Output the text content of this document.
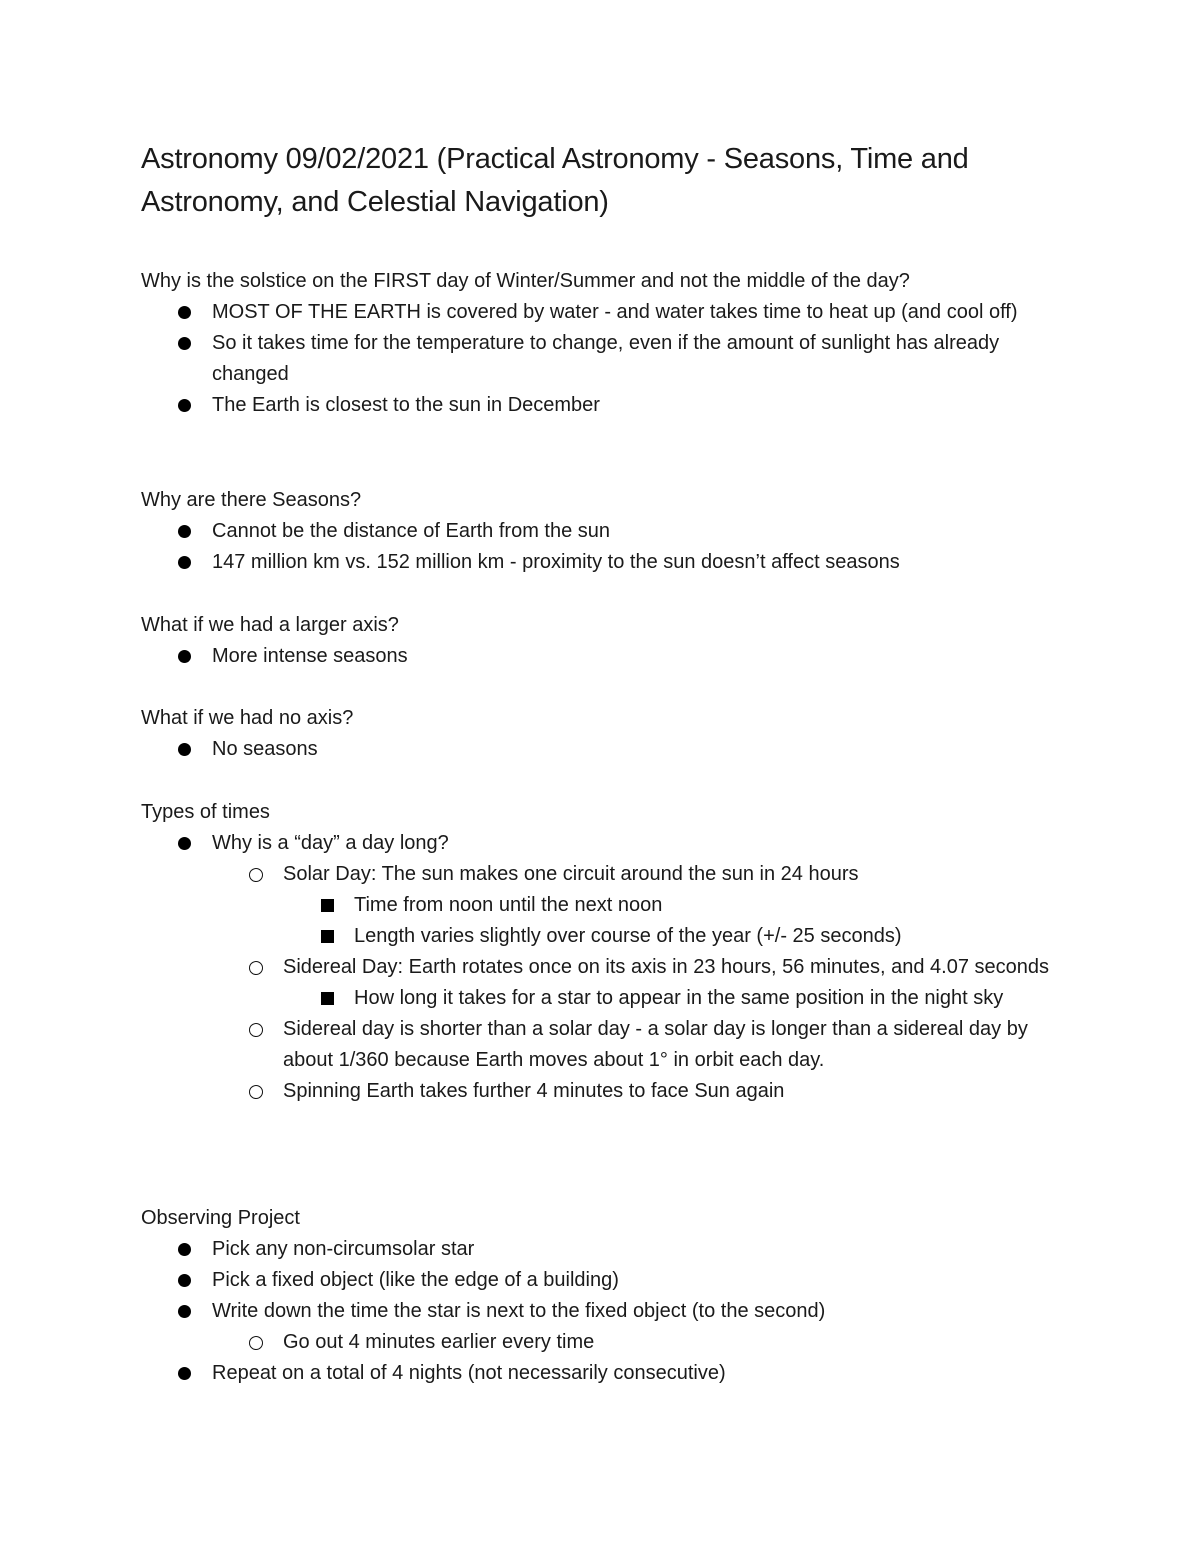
Astronomy 09/02/2021 (Practical Astronomy - Seasons, Time and Astronomy, and Celestial Navigation)

Why is the solstice on the FIRST day of Winter/Summer and not the middle of the day?

MOST OF THE EARTH is covered by water - and water takes time to heat up (and cool off)
So it takes time for the temperature to change, even if the amount of sunlight has already changed
The Earth is closest to the sun in December

Why are there Seasons?

Cannot be the distance of Earth from the sun
147 million km vs. 152 million km - proximity to the sun doesn’t affect seasons

What if we had a larger axis?

More intense seasons

What if we had no axis?

No seasons

Types of times

Why is a “day” a day long?
Solar Day: The sun makes one circuit around the sun in 24 hours
Time from noon until the next noon
Length varies slightly over course of the year (+/- 25 seconds)
Sidereal Day: Earth rotates once on its axis in 23 hours, 56 minutes, and 4.07 seconds
How long it takes for a star to appear in the same position in the night sky
Sidereal day is shorter than a solar day - a solar day is longer than a sidereal day by about 1/360 because Earth moves about 1° in orbit each day.
Spinning Earth takes further 4 minutes to face Sun again

Observing Project

Pick any non-circumsolar star
Pick a fixed object (like the edge of a building)
Write down the time the star is next to the fixed object (to the second)
Go out 4 minutes earlier every time
Repeat on a total of 4 nights (not necessarily consecutive)
